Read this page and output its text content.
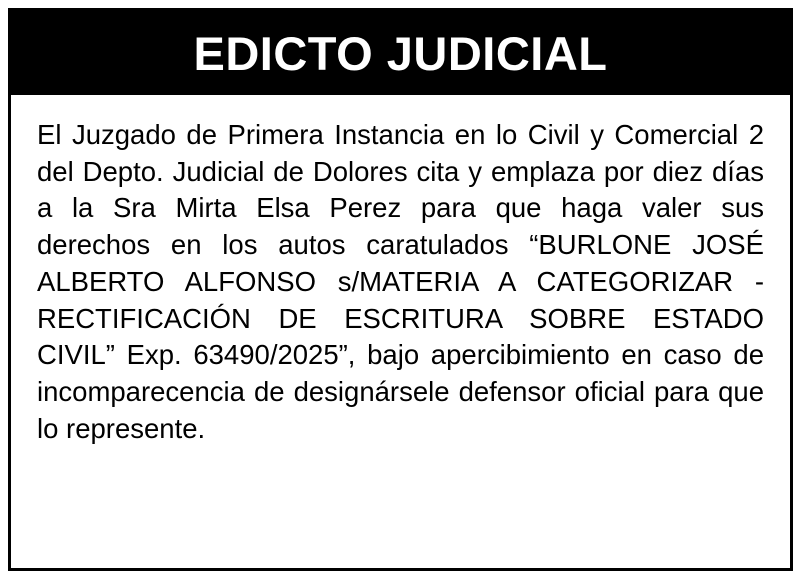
EDICTO JUDICIAL

El Juzgado de Primera Instancia en lo Civil y Comercial 2 del Depto. Judicial de Dolores cita y emplaza por diez días a la Sra Mirta Elsa Perez para que haga valer sus derechos en los autos caratulados “BURLONE JOSÉ ALBERTO ALFONSO s/MATERIA A CATEGORIZAR - RECTIFICACIÓN DE ESCRITURA SOBRE ESTADO CIVIL” Exp. 63490/2025”, bajo apercibimiento en caso de incomparecencia de designársele defensor oficial para que lo represente.
